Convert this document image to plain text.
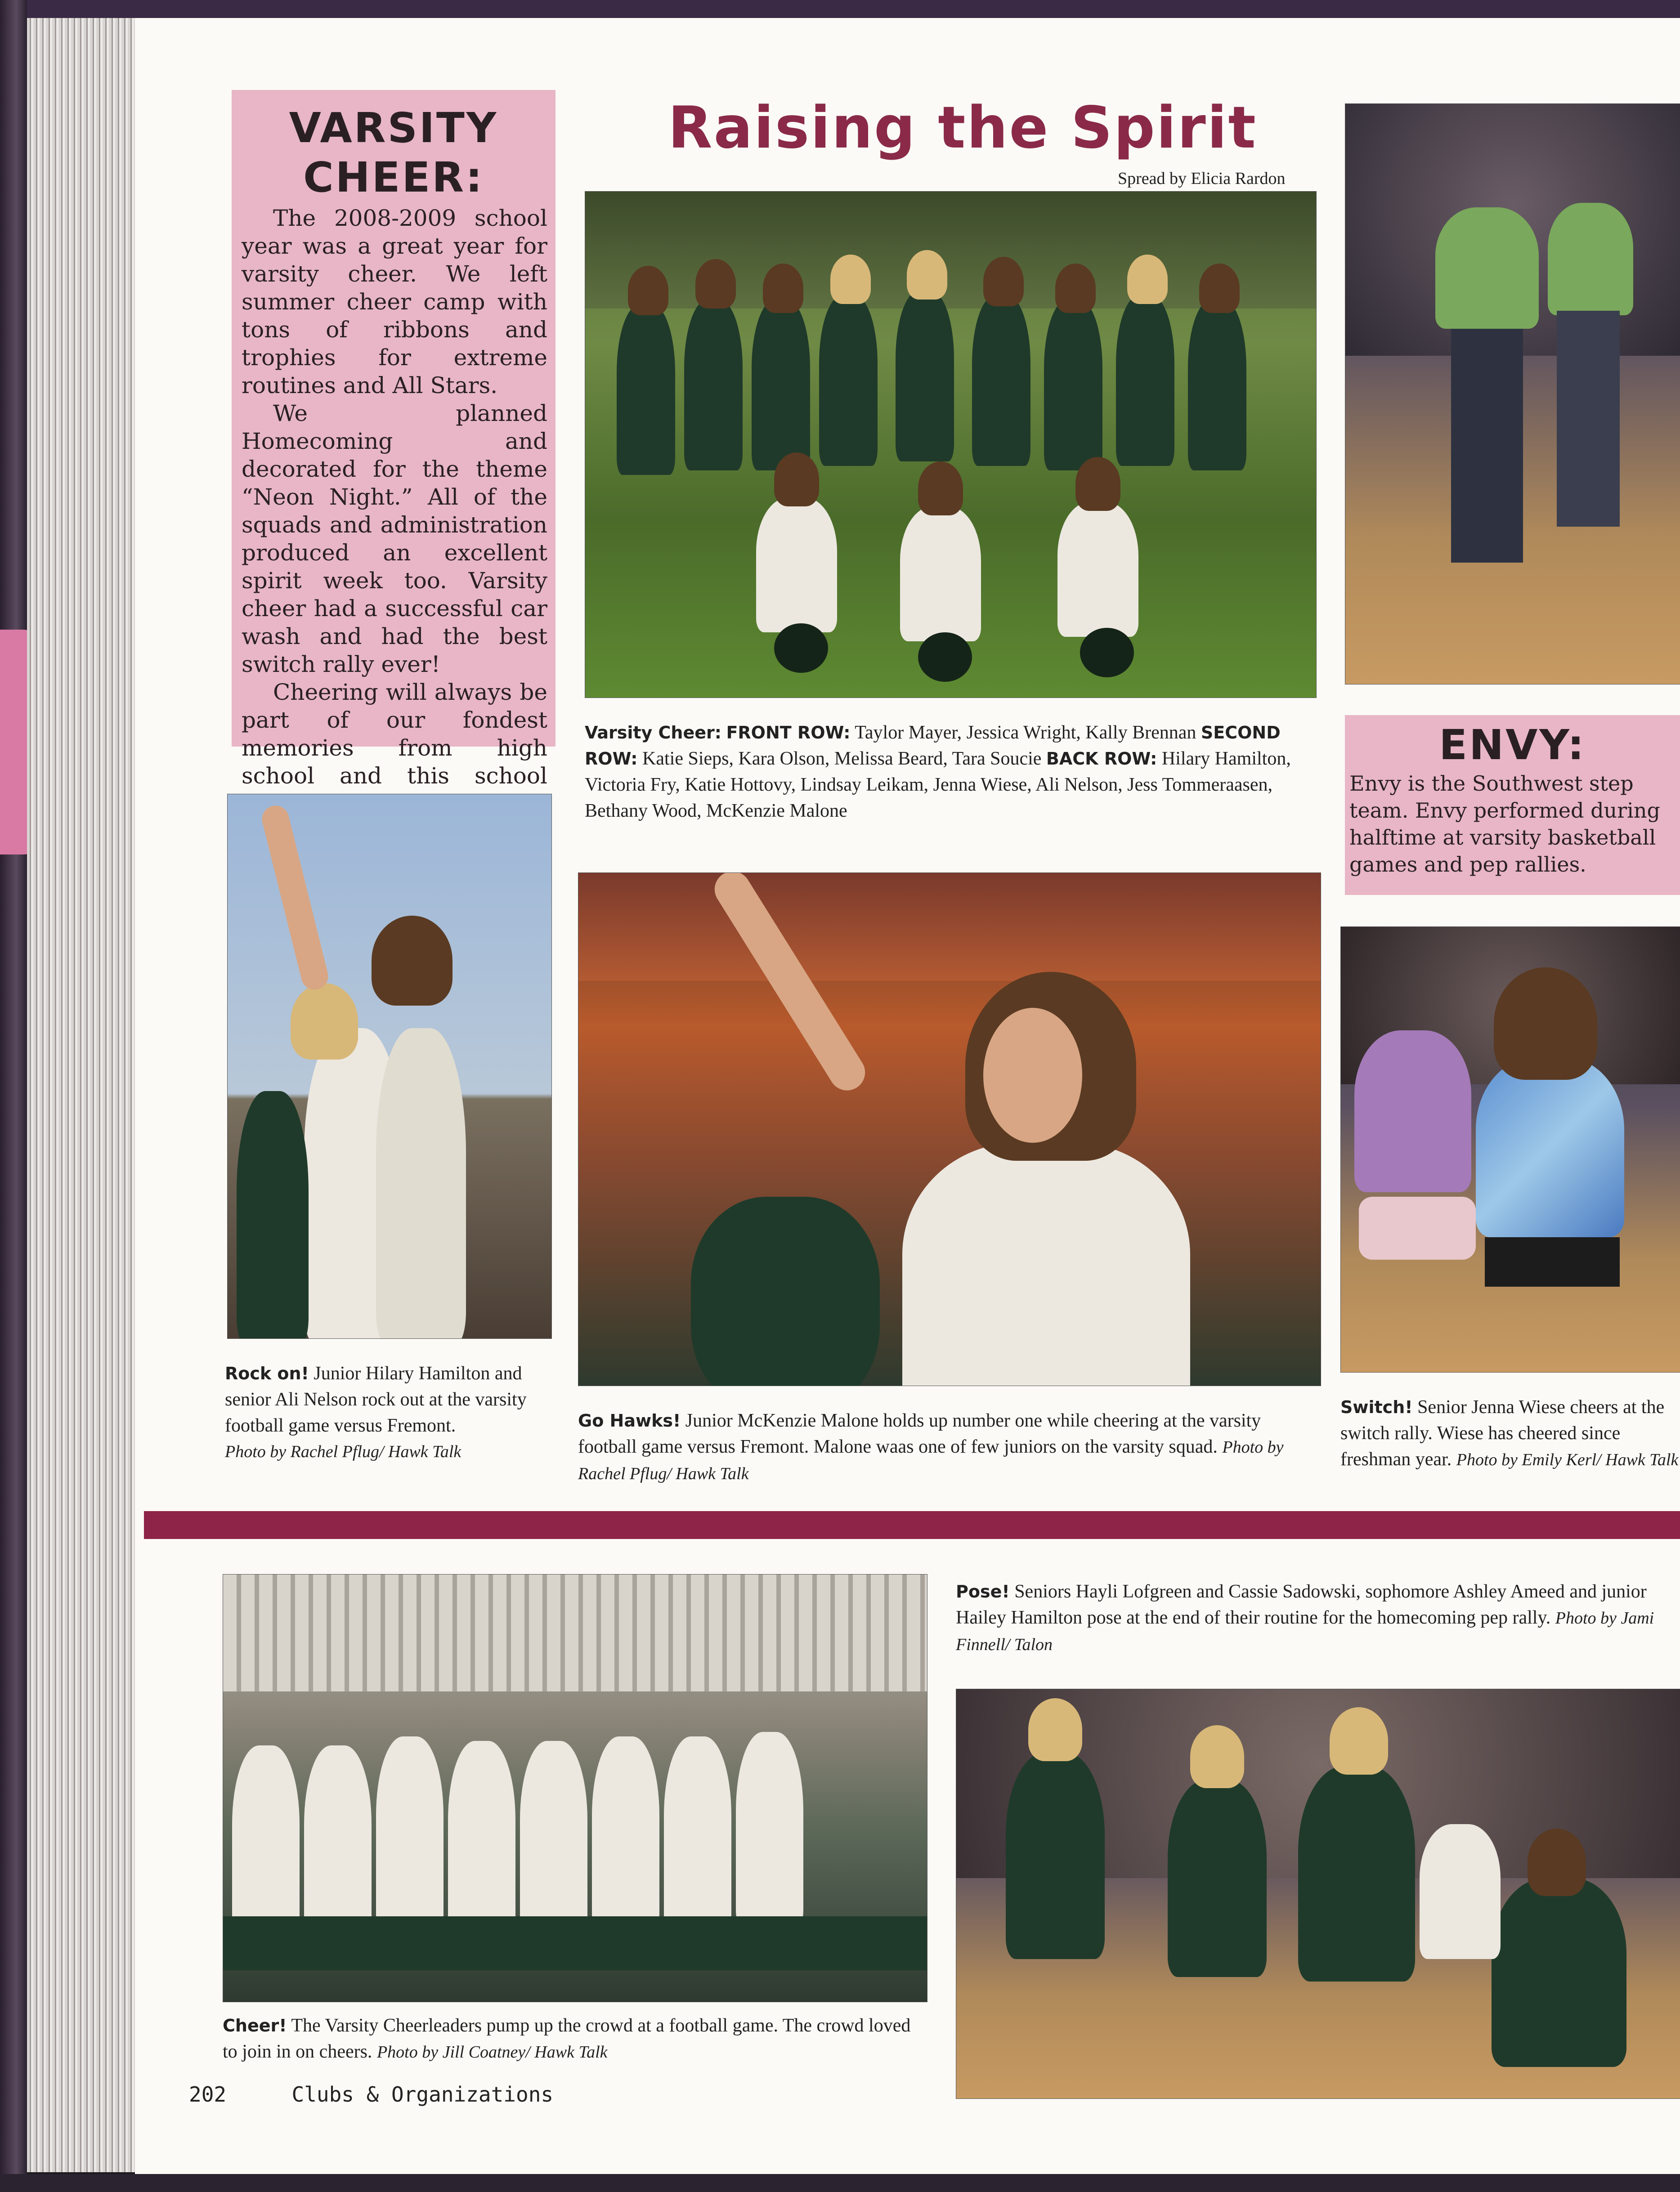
VARSITY
CHEER:

The 2008-2009 school year was a great year for varsity cheer. We left summer cheer camp with tons of ribbons and trophies for extreme routines and All Stars.

We planned Homecoming and decorated for the theme “Neon Night.” All of the squads and administration produced an excellent spirit week too. Varsity cheer had a successful car wash and had the best switch rally ever!

Cheering will always be part of our fondest memories from high school and this school

Raising the Spirit
Spread by Elicia Rardon
Varsity Cheer: FRONT ROW: Taylor Mayer, Jessica Wright, Kally Brennan SECOND ROW: Katie Sieps, Kara Olson, Melissa Beard, Tara Soucie BACK ROW: Hilary Hamilton, Victoria Fry, Katie Hottovy, Lindsay Leikam, Jenna Wiese, Ali Nelson, Jess Tommeraasen, Bethany Wood, McKenzie Malone
ENVY:
Envy is the Southwest step team. Envy performed during halftime at varsity basketball games and pep rallies.
Rock on! Junior Hilary Hamilton and senior Ali Nelson rock out at the varsity football game versus Fremont.
Photo by Rachel Pflug/ Hawk Talk
Go Hawks! Junior McKenzie Malone holds up number one while cheering at the varsity football game versus Fremont. Malone waas one of few juniors on the varsity squad. Photo by Rachel Pflug/ Hawk Talk
Switch! Senior Jenna Wiese cheers at the switch rally. Wiese has cheered since freshman year. Photo by Emily Kerl/ Hawk Talk
Cheer! The Varsity Cheerleaders pump up the crowd at a football game. The crowd loved to join in on cheers. Photo by Jill Coatney/ Hawk Talk
Pose! Seniors Hayli Lofgreen and Cassie Sadowski, sophomore Ashley Ameed and junior Hailey Hamilton pose at the end of their routine for the homecoming pep rally. Photo by Jami Finnell/ Talon
202	Clubs & Organizations
